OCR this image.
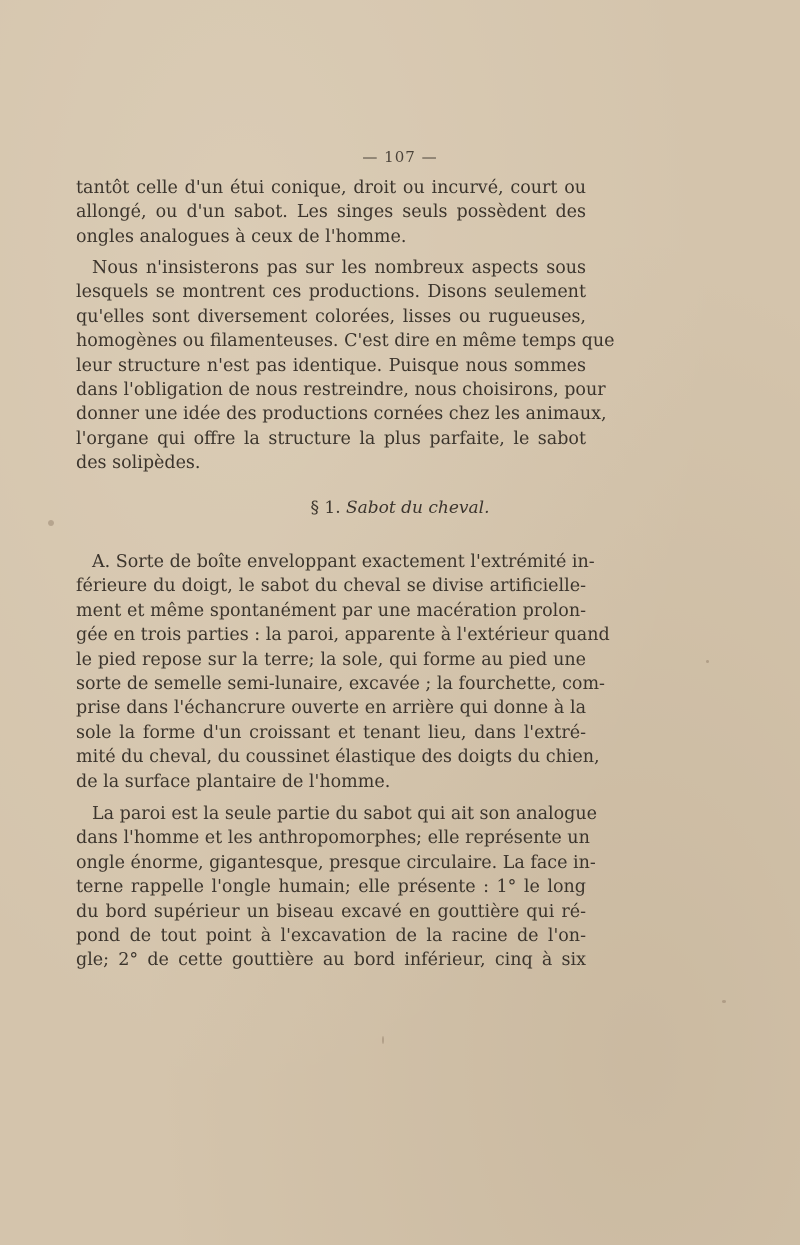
— 107 —
tantôt celle d'un étui conique, droit ou incurvé, court ou
allongé, ou d'un sabot. Les singes seuls possèdent des
ongles analogues à ceux de l'homme.
Nous n'insisterons pas sur les nombreux aspects sous
lesquels se montrent ces productions. Disons seulement
qu'elles sont diversement colorées, lisses ou rugueuses,
homogènes ou filamenteuses. C'est dire en même temps que
leur structure n'est pas identique. Puisque nous sommes
dans l'obligation de nous restreindre, nous choisirons, pour
donner une idée des productions cornées chez les animaux,
l'organe qui offre la structure la plus parfaite, le sabot
des solipèdes.
§ 1. Sabot du cheval.
A. Sorte de boîte enveloppant exactement l'extrémité in-
férieure du doigt, le sabot du cheval se divise artificielle-
ment et même spontanément par une macération prolon-
gée en trois parties : la paroi, apparente à l'extérieur quand
le pied repose sur la terre; la sole, qui forme au pied une
sorte de semelle semi-lunaire, excavée ; la fourchette, com-
prise dans l'échancrure ouverte en arrière qui donne à la
sole la forme d'un croissant et tenant lieu, dans l'extré-
mité du cheval, du coussinet élastique des doigts du chien,
de la surface plantaire de l'homme.
La paroi est la seule partie du sabot qui ait son analogue
dans l'homme et les anthropomorphes; elle représente un
ongle énorme, gigantesque, presque circulaire. La face in-
terne rappelle l'ongle humain; elle présente : 1° le long
du bord supérieur un biseau excavé en gouttière qui ré-
pond de tout point à l'excavation de la racine de l'on-
gle; 2° de cette gouttière au bord inférieur, cinq à six
